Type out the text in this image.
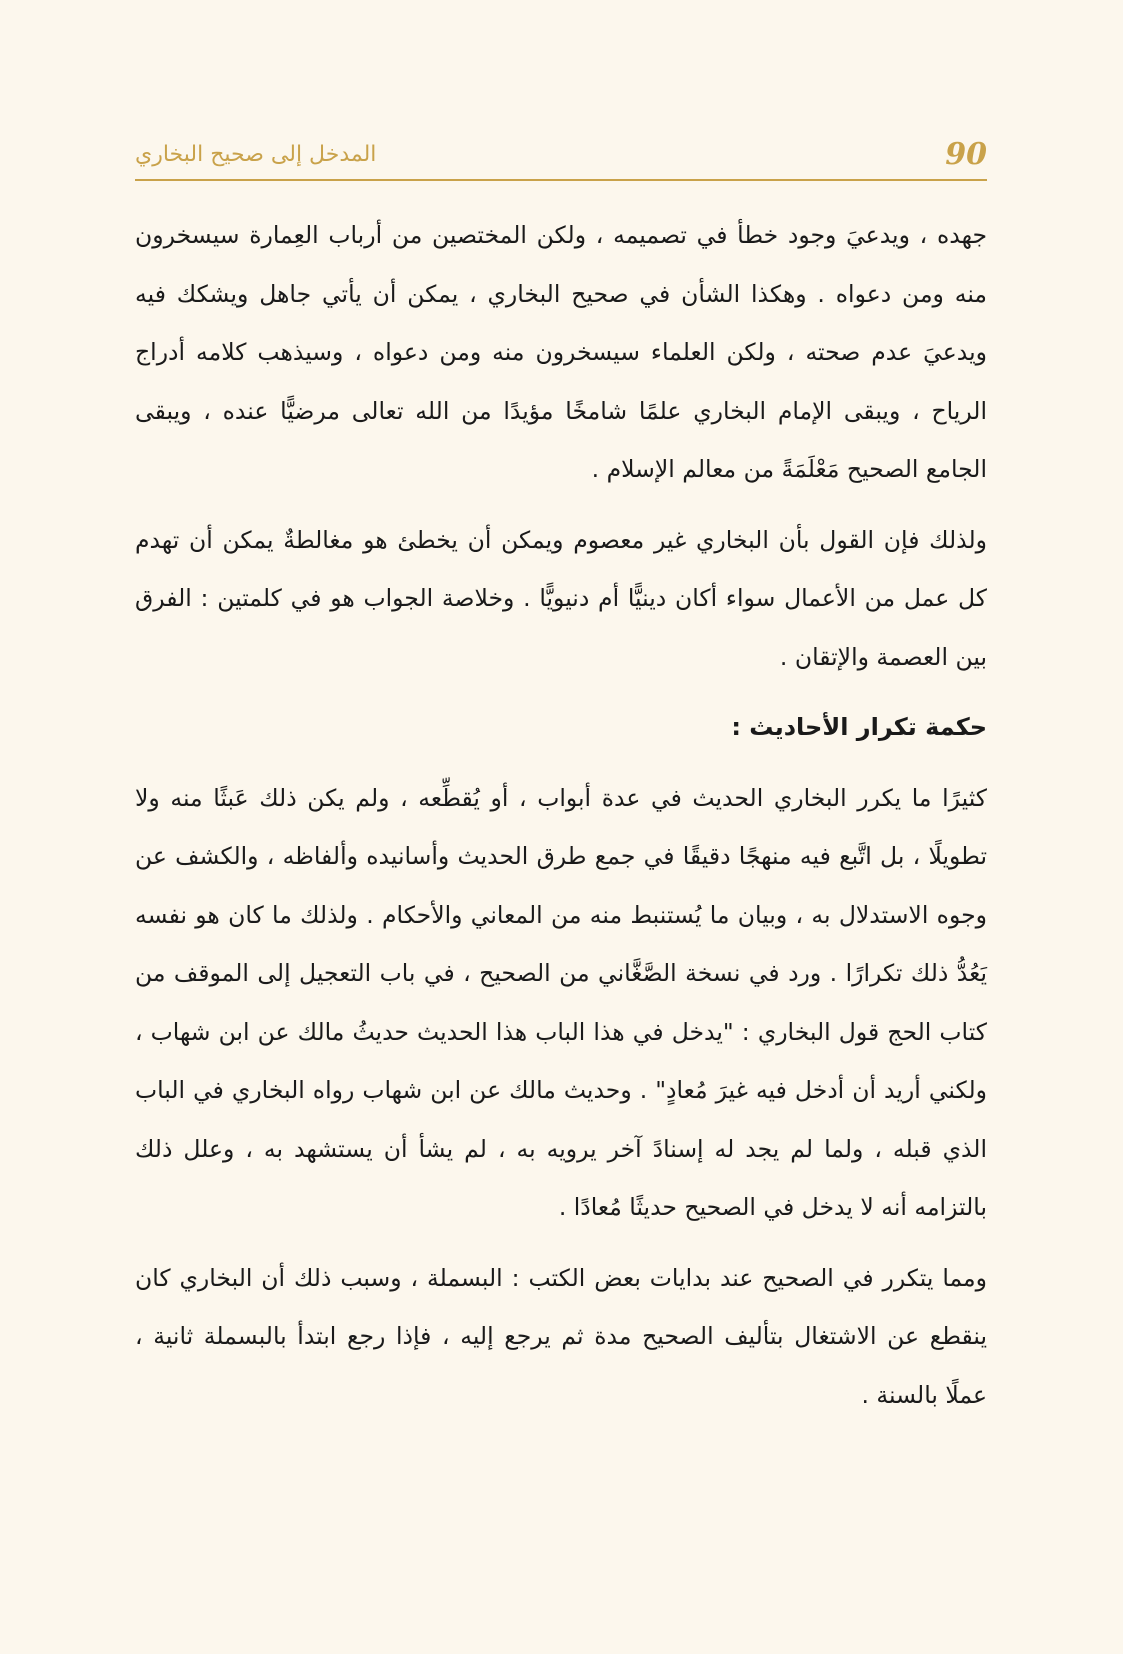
المدخل إلى صحيح البخاري	90

جهده ، ويدعيَ وجود خطأ في تصميمه ، ولكن المختصين من أرباب العِمارة سيسخرون منه ومن دعواه . وهكذا الشأن في صحيح البخاري ، يمكن أن يأتي جاهل ويشكك فيه ويدعيَ عدم صحته ، ولكن العلماء سيسخرون منه ومن دعواه ، وسيذهب كلامه أدراج الرياح ، ويبقى الإمام البخاري علمًا شامخًا مؤيدًا من الله تعالى مرضيًّا عنده ، ويبقى الجامع الصحيح مَعْلَمَةً من معالم الإسلام .

ولذلك فإن القول بأن البخاري غير معصوم ويمكن أن يخطئ هو مغالطةٌ يمكن أن تهدم كل عمل من الأعمال سواء أكان دينيًّا أم دنيويًّا . وخلاصة الجواب هو في كلمتين : الفرق بين العصمة والإتقان .

حكمة تكرار الأحاديث :

كثيرًا ما يكرر البخاري الحديث في عدة أبواب ، أو يُقطِّعه ، ولم يكن ذلك عَبثًا منه ولا تطويلًا ، بل اتَّبع فيه منهجًا دقيقًا في جمع طرق الحديث وأسانيده وألفاظه ، والكشف عن وجوه الاستدلال به ، وبيان ما يُستنبط منه من المعاني والأحكام . ولذلك ما كان هو نفسه يَعُدُّ ذلك تكرارًا . ورد في نسخة الصَّغَّاني من الصحيح ، في باب التعجيل إلى الموقف من كتاب الحج قول البخاري : "يدخل في هذا الباب هذا الحديث حديثُ مالك عن ابن شهاب ، ولكني أريد أن أدخل فيه غيرَ مُعادٍ" . وحديث مالك عن ابن شهاب رواه البخاري في الباب الذي قبله ، ولما لم يجد له إسنادً آخر يرويه به ، لم يشأ أن يستشهد به ، وعلل ذلك بالتزامه أنه لا يدخل في الصحيح حديثًا مُعادًا .

ومما يتكرر في الصحيح عند بدايات بعض الكتب : البسملة ، وسبب ذلك أن البخاري كان ينقطع عن الاشتغال بتأليف الصحيح مدة ثم يرجع إليه ، فإذا رجع ابتدأ بالبسملة ثانية ، عملًا بالسنة .
